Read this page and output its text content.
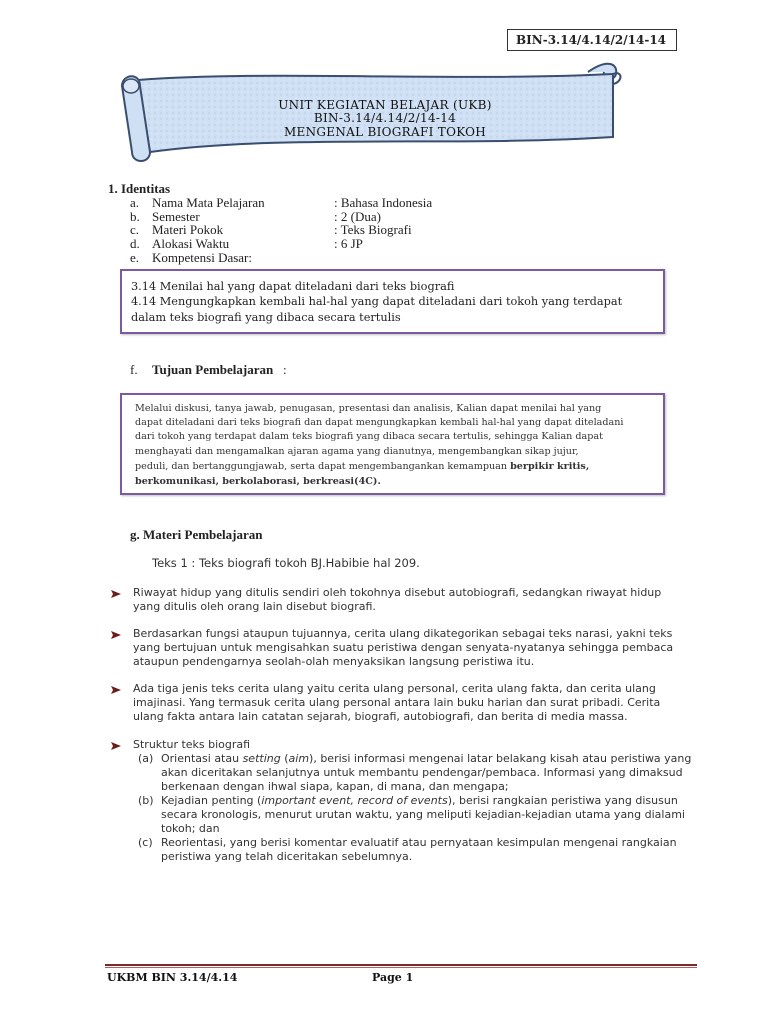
BIN-3.14/4.14/2/14-14
UNIT KEGIATAN BELAJAR (UKB)
BIN-3.14/4.14/2/14-14
MENGENAL BIOGRAFI TOKOH
1. Identitas
a. Nama Mata Pelajaran	: Bahasa Indonesia
b. Semester	: 2 (Dua)
c. Materi Pokok	: Teks Biografi
d. Alokasi Waktu	: 6 JP
e. Kompetensi Dasar:
3.14 Menilai hal yang dapat diteladani dari teks biografi
4.14 Mengungkapkan kembali hal-hal yang dapat diteladani dari tokoh yang terdapat
dalam teks biografi yang dibaca secara tertulis
f. Tujuan Pembelajaran :
Melalui diskusi, tanya jawab, penugasan, presentasi dan analisis, Kalian dapat menilai hal yang
dapat diteladani dari teks biografi dan dapat mengungkapkan kembali hal-hal yang dapat diteladani
dari tokoh yang terdapat dalam teks biografi yang dibaca secara tertulis, sehingga Kalian dapat
menghayati dan mengamalkan ajaran agama yang dianutnya, mengembangkan sikap jujur,
peduli, dan bertanggungjawab, serta dapat mengembangankan kemampuan berpikir kritis,
berkomunikasi, berkolaborasi, berkreasi(4C).
g. Materi Pembelajaran
Teks 1 : Teks biografi tokoh BJ.Habibie hal 209.
Riwayat hidup yang ditulis sendiri oleh tokohnya disebut autobiografi, sedangkan riwayat hidup
yang ditulis oleh orang lain disebut biografi.
Berdasarkan fungsi ataupun tujuannya, cerita ulang dikategorikan sebagai teks narasi, yakni teks
yang bertujuan untuk mengisahkan suatu peristiwa dengan senyata-nyatanya sehingga pembaca
ataupun pendengarnya seolah-olah menyaksikan langsung peristiwa itu.
Ada tiga jenis teks cerita ulang yaitu cerita ulang personal, cerita ulang fakta, dan cerita ulang
imajinasi. Yang termasuk cerita ulang personal antara lain buku harian dan surat pribadi. Cerita
ulang fakta antara lain catatan sejarah, biografi, autobiografi, dan berita di media massa.
Struktur teks biografi
(a) Orientasi atau setting (aim), berisi informasi mengenai latar belakang kisah atau peristiwa yang
akan diceritakan selanjutnya untuk membantu pendengar/pembaca. Informasi yang dimaksud
berkenaan dengan ihwal siapa, kapan, di mana, dan mengapa;
(b) Kejadian penting (important event, record of events), berisi rangkaian peristiwa yang disusun
secara kronologis, menurut urutan waktu, yang meliputi kejadian-kejadian utama yang dialami
tokoh; dan
(c) Reorientasi, yang berisi komentar evaluatif atau pernyataan kesimpulan mengenai rangkaian
peristiwa yang telah diceritakan sebelumnya.
UKBM BIN 3.14/4.14	Page 1
